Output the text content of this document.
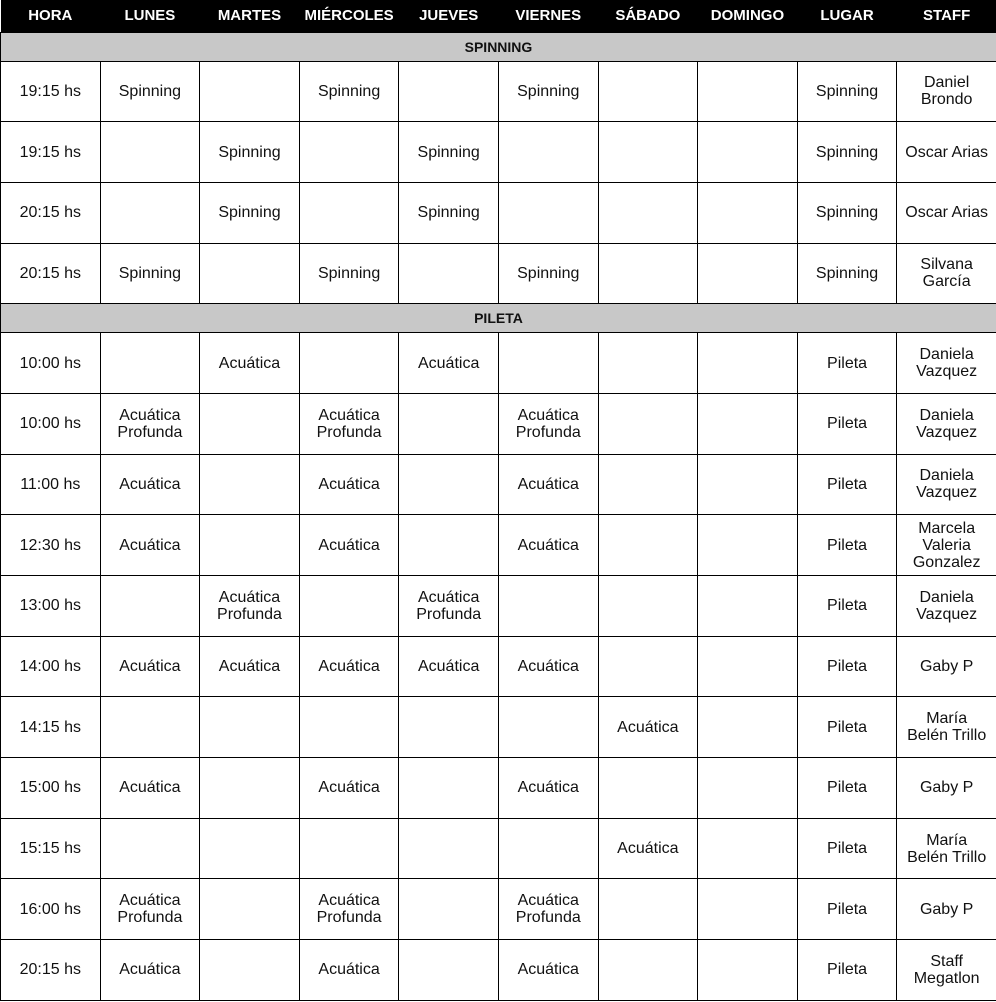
HORA	LUNES	MARTES	MIÉRCOLES	JUEVES	VIERNES	SÁBADO	DOMINGO	LUGAR	STAFF
SPINNING									
19:15 hs	Spinning		Spinning		Spinning			Spinning	Daniel
Brondo
19:15 hs		Spinning		Spinning				Spinning	Oscar Arias
20:15 hs		Spinning		Spinning				Spinning	Oscar Arias
20:15 hs	Spinning		Spinning		Spinning			Spinning	Silvana
García
PILETA									
10:00 hs		Acuática		Acuática				Pileta	Daniela
Vazquez
10:00 hs	Acuática
Profunda		Acuática
Profunda		Acuática
Profunda			Pileta	Daniela
Vazquez
11:00 hs	Acuática		Acuática		Acuática			Pileta	Daniela
Vazquez
12:30 hs	Acuática		Acuática		Acuática			Pileta	Marcela
Valeria
Gonzalez
13:00 hs		Acuática
Profunda		Acuática
Profunda				Pileta	Daniela
Vazquez
14:00 hs	Acuática	Acuática	Acuática	Acuática	Acuática			Pileta	Gaby P
14:15 hs						Acuática		Pileta	María
Belén Trillo
15:00 hs	Acuática		Acuática		Acuática			Pileta	Gaby P
15:15 hs						Acuática		Pileta	María
Belén Trillo
16:00 hs	Acuática
Profunda		Acuática
Profunda		Acuática
Profunda			Pileta	Gaby P
20:15 hs	Acuática		Acuática		Acuática			Pileta	Staff
Megatlon
